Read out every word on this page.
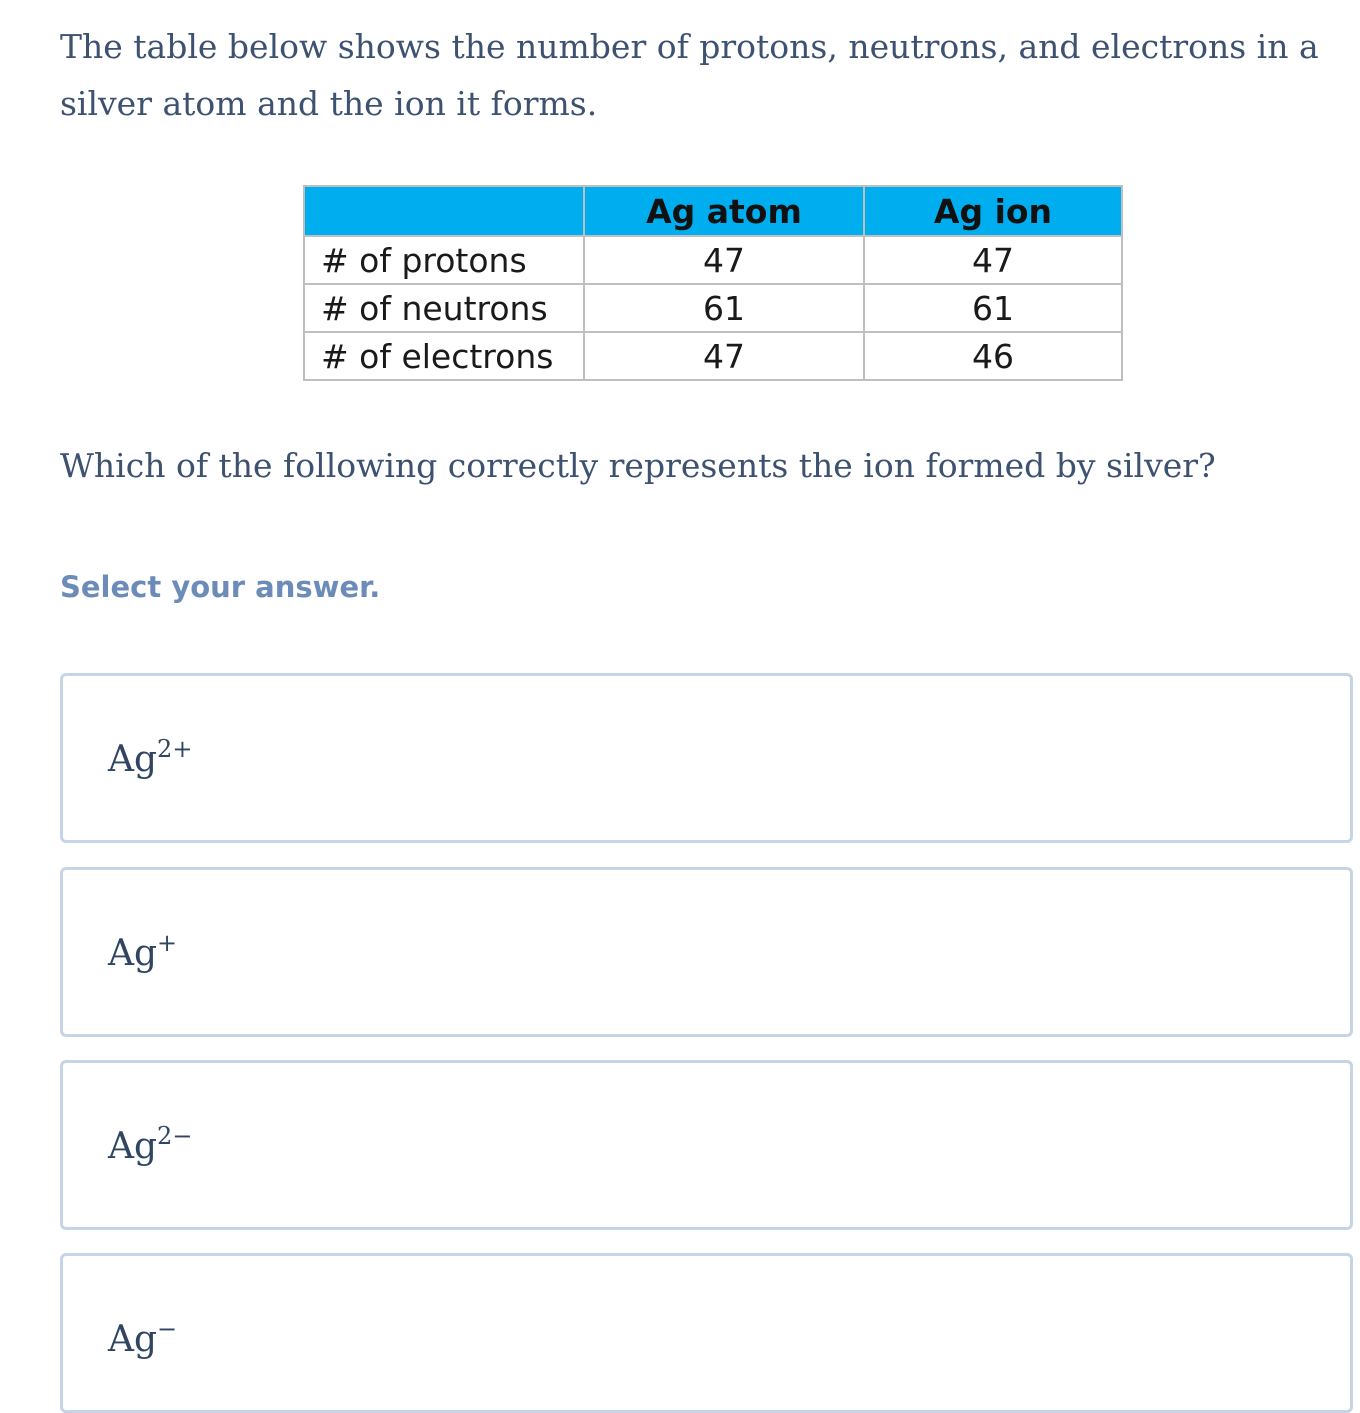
The table below shows the number of protons, neutrons, and electrons in a silver atom and the ion it forms.

	Ag atom	Ag ion
# of protons	47	47
# of neutrons	61	61
# of electrons	47	46

Which of the following correctly represents the ion formed by silver?

Select your answer.

$Ag^{2+}$
Ag+
$Ag^{2-}$
Ag−
